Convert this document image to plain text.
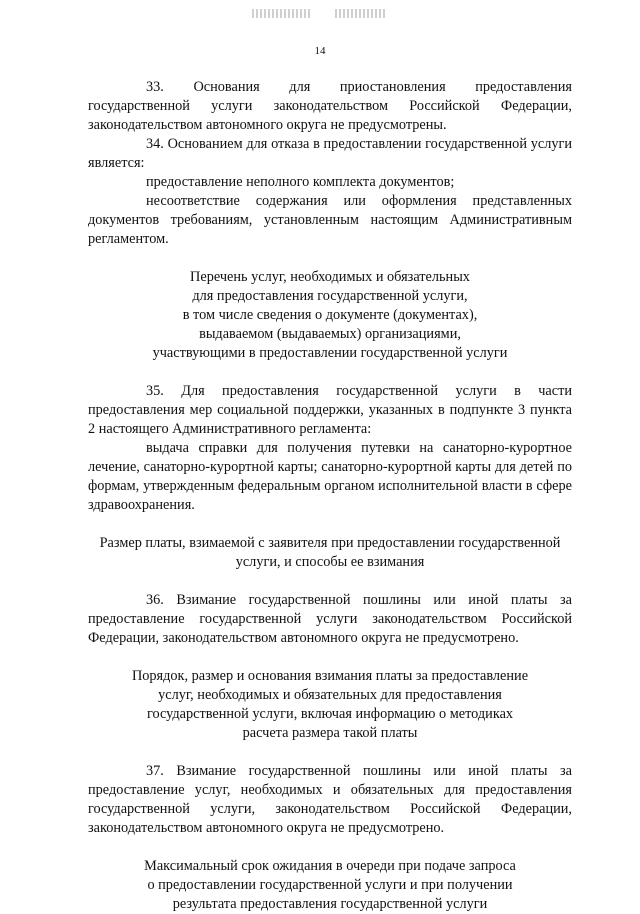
14

33. Основания для приостановления предоставления государственной услуги законодательством Российской Федерации, законодательством автономного округа не предусмотрены.

34. Основанием для отказа в предоставлении государственной услуги является:

предоставление неполного комплекта документов;

несоответствие содержания или оформления представленных документов требованиям, установленным настоящим Административным регламентом.

Перечень услуг, необходимых и обязательных
для предоставления государственной услуги,
в том числе сведения о документе (документах),
выдаваемом (выдаваемых) организациями,
участвующими в предоставлении государственной услуги

35. Для предоставления государственной услуги в части предоставления мер социальной поддержки, указанных в подпункте 3 пункта 2 настоящего Административного регламента:

выдача справки для получения путевки на санаторно-курортное лечение, санаторно-курортной карты; санаторно-курортной карты для детей по формам, утвержденным федеральным органом исполнительной власти в сфере здравоохранения.

Размер платы, взимаемой с заявителя при предоставлении государственной
услуги, и способы ее взимания

36. Взимание государственной пошлины или иной платы за предоставление государственной услуги законодательством Российской Федерации, законодательством автономного округа не предусмотрено.

Порядок, размер и основания взимания платы за предоставление
услуг, необходимых и обязательных для предоставления
государственной услуги, включая информацию о методиках
расчета размера такой платы

37. Взимание государственной пошлины или иной платы за предоставление услуг, необходимых и обязательных для предоставления государственной услуги, законодательством Российской Федерации, законодательством автономного округа не предусмотрено.

Максимальный срок ожидания в очереди при подаче запроса
о предоставлении государственной услуги и при получении
результата предоставления государственной услуги
